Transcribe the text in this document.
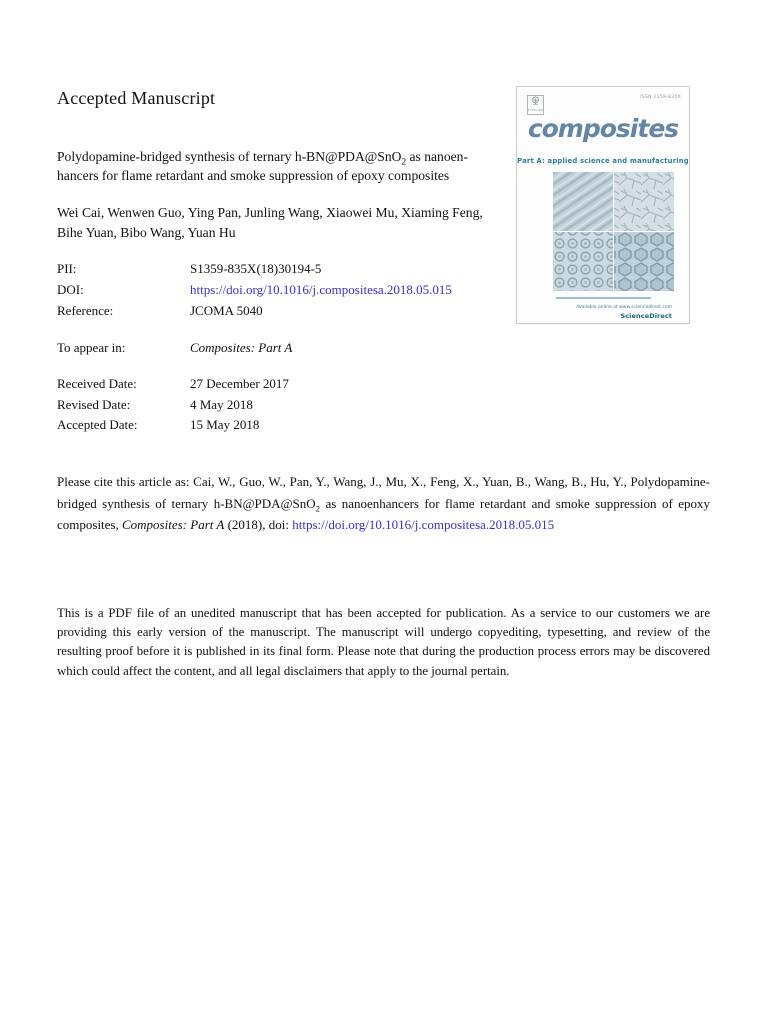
Accepted Manuscript
ELSEVIER
ISSN 1359-835X
composites
Part A: applied science and manufacturing
Available online at www.sciencedirect.com
ScienceDirect
Polydopamine-bridged synthesis of ternary h-BN@PDA@SnO$_2$ as nanoen-
hancers for flame retardant and smoke suppression of epoxy composites
Wei Cai, Wenwen Guo, Ying Pan, Junling Wang, Xiaowei Mu, Xiaming Feng,
Bihe Yuan, Bibo Wang, Yuan Hu
PII:	S1359-835X(18)30194-5
DOI:	https://doi.org/10.1016/j.compositesa.2018.05.015
Reference:	JCOMA 5040
To appear in:	Composites: Part A
Received Date:	27 December 2017
Revised Date:	4 May 2018
Accepted Date:	15 May 2018

Please cite this article as: Cai, W., Guo, W., Pan, Y., Wang, J., Mu, X., Feng, X., Yuan, B., Wang, B., Hu, Y., Polydopamine-bridged synthesis of ternary h-BN@PDA@SnO$_2$ as nanoenhancers for flame retardant and smoke suppression of epoxy composites, Composites: Part A (2018), doi: https://doi.org/10.1016/j.compositesa.2018.05.015

This is a PDF file of an unedited manuscript that has been accepted for publication. As a service to our customers we are providing this early version of the manuscript. The manuscript will undergo copyediting, typesetting, and review of the resulting proof before it is published in its final form. Please note that during the production process errors may be discovered which could affect the content, and all legal disclaimers that apply to the journal pertain.
